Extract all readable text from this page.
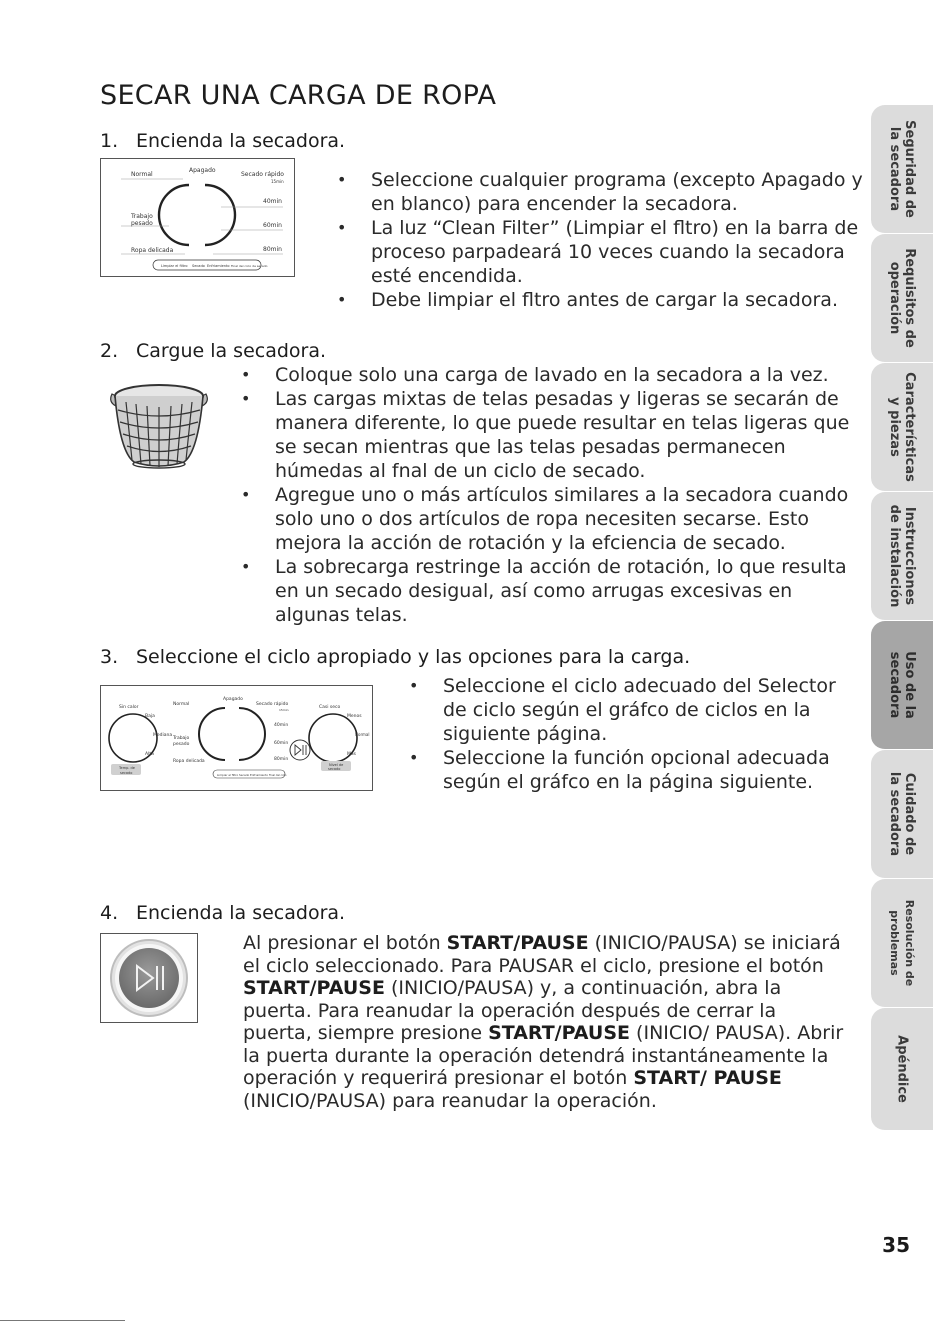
SECAR UNA CARGA DE ROPA
1. Encienda la secadora.
Normal
Apagado
Secado rápido
15min
40min
Trabajo
pesado	60min
Ropa delicada	80min
Limpiar el filtro Secado Enfriamiento Final del ciclo de secado
• Seleccione cualquier programa (excepto Apagado y en blanco) para encender la secadora.
• La luz “Clean Filter” (Limpiar el fltro) en la barra de proceso parpadeará 10 veces cuando la secadora esté encendida.
• Debe limpiar el fltro antes de cargar la secadora.
2. Cargue la secadora.
• Coloque solo una carga de lavado en la secadora a la vez.
• Las cargas mixtas de telas pesadas y ligeras se secarán de manera diferente, lo que puede resultar en telas ligeras que se secan mientras que las telas pesadas permanecen húmedas al fnal de un ciclo de secado.
• Agregue uno o más artículos similares a la secadora cuando solo uno o dos artículos de ropa necesiten secarse. Esto mejora la acción de rotación y la efciencia de secado.
• La sobrecarga restringe la acción de rotación, lo que resulta en un secado desigual, así como arrugas excesivas en algunas telas.
3. Seleccione el ciclo apropiado y las opciones para la carga.
Sin calor
Baja
Mediana
Alta
Temp. de
secado
Normal
Apagado
Secado rápido
15min
40min
Trabajo
pesado	60min
Ropa delicada	80min
Limpiar el filtro Secado Enfriamiento Final del ciclo
Casi seco
Menos
Normal
Más
Nivel de
secado
• Seleccione el ciclo adecuado del Selector de ciclo según el gráfco de ciclos en la siguiente página.
• Seleccione la función opcional adecuada según el gráfco en la página siguiente.
4. Encienda la secadora.

Al presionar el botón START/PAUSE (INICIO/PAUSA) se iniciará el ciclo seleccionado. Para PAUSAR el ciclo, presione el botón START/PAUSE (INICIO/PAUSA) y, a continuación, abra la puerta. Para reanudar la operación después de cerrar la puerta, siempre presione START/PAUSE (INICIO/ PAUSA). Abrir la puerta durante la operación detendrá instantáneamente la operación y requerirá presionar el botón START/ PAUSE (INICIO/PAUSA) para reanudar la operación.

Seguridad de
la secadora
Requisitos de
operación
Características
y piezas
Instrucciones
de instalación
Uso de la
secadora
Cuidado de
la secadora
Resolución de
problemas
Apéndice
35
